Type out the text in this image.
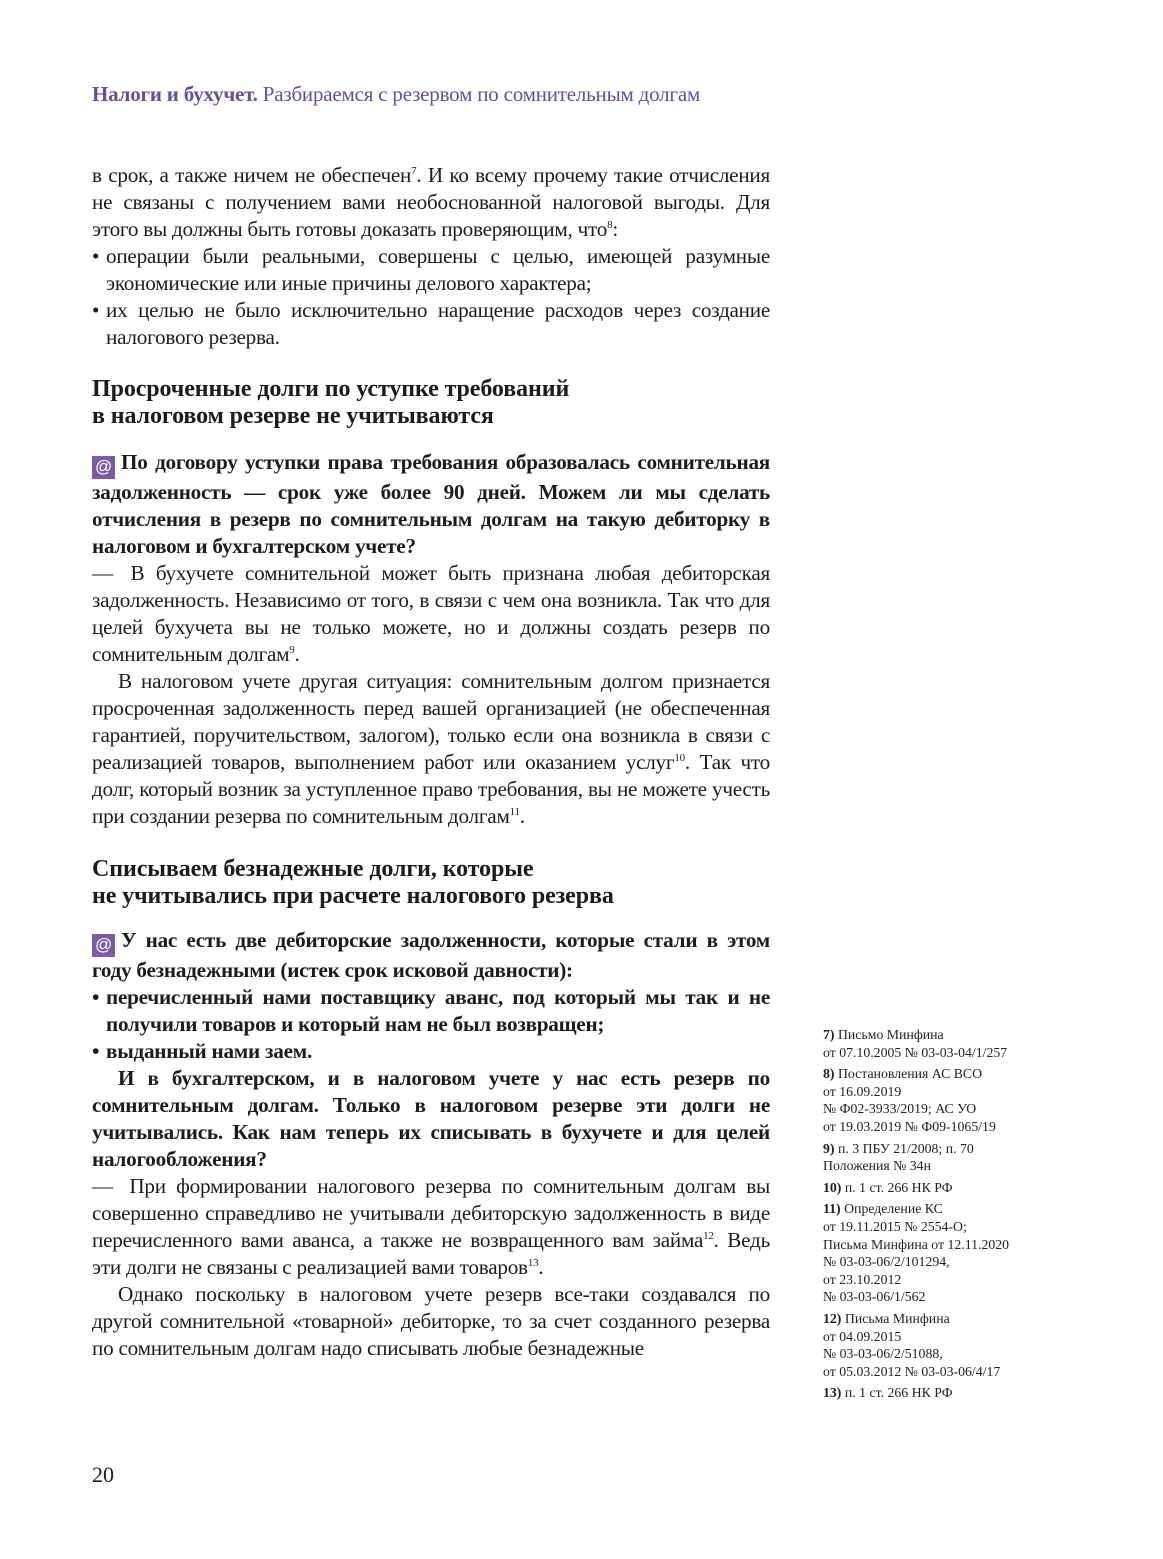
Налоги и бухучет. Разбираемся с резервом по сомнительным долгам

в срок, а также ничем не обеспечен$^7$. И ко всему прочему такие отчисления не связаны с получением вами необоснованной налоговой выгоды. Для этого вы должны быть готовы доказать проверяющим, что$^8$:

• операции были реальными, совершены с целью, имеющей разумные экономические или иные причины делового характера;
• их целью не было исключительно наращение расходов через создание налогового резерва.
Просроченные долги по уступке требований
в налоговом резерве не учитываются

@ По договору уступки права требования образовалась сомнительная задолженность — срок уже более 90 дней. Можем ли мы сделать отчисления в резерв по сомнительным долгам на такую дебиторку в налоговом и бухгалтерском учете?

— В бухучете сомнительной может быть признана любая дебиторская задолженность. Независимо от того, в связи с чем она возникла. Так что для целей бухучета вы не только можете, но и должны создать резерв по сомнительным долгам$^9$.

В налоговом учете другая ситуация: сомнительным долгом признается просроченная задолженность перед вашей организацией (не обеспеченная гарантией, поручительством, залогом), только если она возникла в связи с реализацией товаров, выполнением работ или оказанием услуг$^{10}$. Так что долг, который возник за уступленное право требования, вы не можете учесть при создании резерва по сомнительным долгам$^{11}$.

Списываем безнадежные долги, которые
не учитывались при расчете налогового резерва

@ У нас есть две дебиторские задолженности, которые стали в этом году безнадежными (истек срок исковой давности):

• перечисленный нами поставщику аванс, под который мы так и не получили товаров и который нам не был возвращен;
• выданный нами заем.

И в бухгалтерском, и в налоговом учете у нас есть резерв по сомнительным долгам. Только в налоговом резерве эти долги не учитывались. Как нам теперь их списывать в бухучете и для целей налогообложения?

— При формировании налогового резерва по сомнительным долгам вы совершенно справедливо не учитывали дебиторскую задолженность в виде перечисленного вами аванса, а также не возвращенного вам займа$^{12}$. Ведь эти долги не связаны с реализацией вами товаров$^{13}$.

Однако поскольку в налоговом учете резерв все-таки создавался по другой сомнительной «товарной» дебиторке, то за счет созданного резерва по сомнительным долгам надо списывать любые безнадежные

7) Письмо Минфина
от 07.10.2005 № 03-03-04/1/257
8) Постановления АС ВСО
от 16.09.2019
№ Ф02-3933/2019; АС УО
от 19.03.2019 № Ф09-1065/19
9) п. 3 ПБУ 21/2008; п. 70
Положения № 34н
10) п. 1 ст. 266 НК РФ
11) Определение КС
от 19.11.2015 № 2554-О;
Письма Минфина от 12.11.2020
№ 03-03-06/2/101294,
от 23.10.2012
№ 03-03-06/1/562
12) Письма Минфина
от 04.09.2015
№ 03-03-06/2/51088,
от 05.03.2012 № 03-03-06/4/17
13) п. 1 ст. 266 НК РФ
20
